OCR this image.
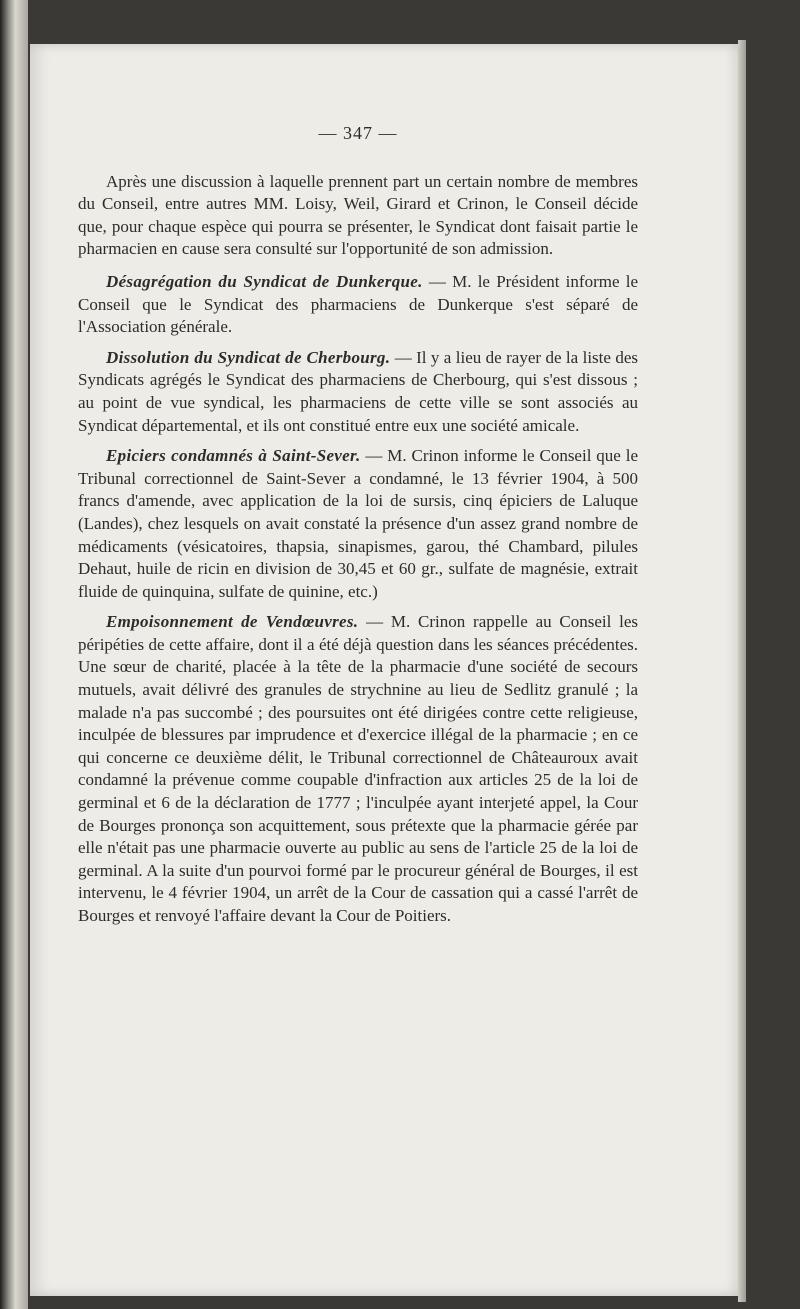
— 347 —

Après une discussion à laquelle prennent part un certain nombre de membres du Conseil, entre autres MM. Loisy, Weil, Girard et Crinon, le Conseil décide que, pour chaque espèce qui pourra se présenter, le Syndicat dont faisait partie le pharmacien en cause sera consulté sur l'opportunité de son admission.

Désagrégation du Syndicat de Dunkerque. — M. le Président informe le Conseil que le Syndicat des pharmaciens de Dunkerque s'est séparé de l'Association générale.

Dissolution du Syndicat de Cherbourg. — Il y a lieu de rayer de la liste des Syndicats agrégés le Syndicat des pharmaciens de Cherbourg, qui s'est dissous ; au point de vue syndical, les pharmaciens de cette ville se sont associés au Syndicat départemental, et ils ont constitué entre eux une société amicale.

Epiciers condamnés à Saint-Sever. — M. Crinon informe le Conseil que le Tribunal correctionnel de Saint-Sever a condamné, le 13 février 1904, à 500 francs d'amende, avec application de la loi de sursis, cinq épiciers de Laluque (Landes), chez lesquels on avait constaté la présence d'un assez grand nombre de médicaments (vésicatoires, thapsia, sinapismes, garou, thé Chambard, pilules Dehaut, huile de ricin en division de 30,45 et 60 gr., sulfate de magnésie, extrait fluide de quinquina, sulfate de quinine, etc.)

Empoisonnement de Vendœuvres. — M. Crinon rappelle au Conseil les péripéties de cette affaire, dont il a été déjà question dans les séances précédentes. Une sœur de charité, placée à la tête de la pharmacie d'une société de secours mutuels, avait délivré des granules de strychnine au lieu de Sedlitz granulé ; la malade n'a pas succombé ; des poursuites ont été dirigées contre cette religieuse, inculpée de blessures par imprudence et d'exercice illégal de la pharmacie ; en ce qui concerne ce deuxième délit, le Tribunal correctionnel de Châteauroux avait condamné la prévenue comme coupable d'infraction aux articles 25 de la loi de germinal et 6 de la déclaration de 1777 ; l'inculpée ayant interjeté appel, la Cour de Bourges prononça son acquittement, sous prétexte que la pharmacie gérée par elle n'était pas une pharmacie ouverte au public au sens de l'article 25 de la loi de germinal. A la suite d'un pourvoi formé par le procureur général de Bourges, il est intervenu, le 4 février 1904, un arrêt de la Cour de cassation qui a cassé l'arrêt de Bourges et renvoyé l'affaire devant la Cour de Poitiers.
